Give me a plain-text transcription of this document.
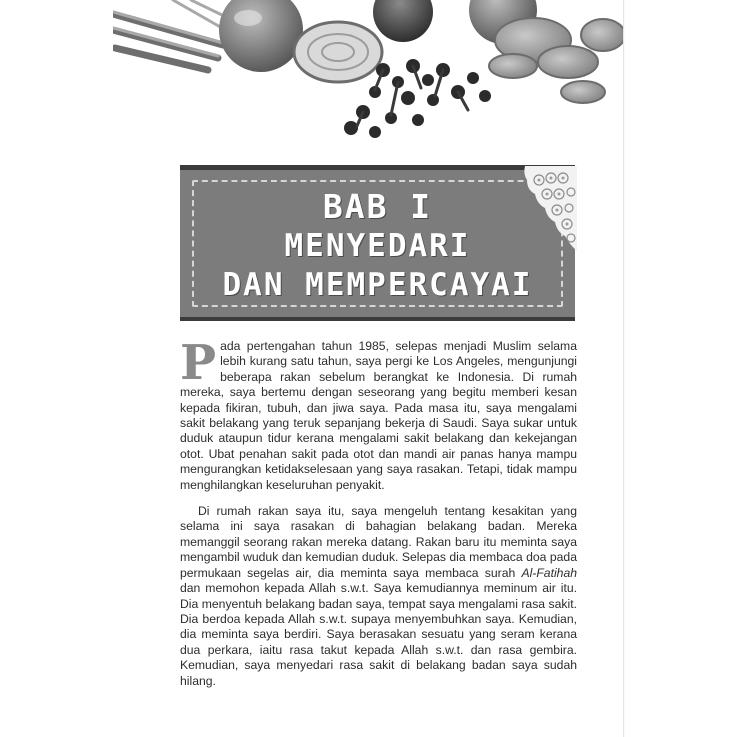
BAB I
MENYEDARI
DAN MEMPERCAYAI

Pada pertengahan tahun 1985, selepas menjadi Muslim selama lebih kurang satu tahun, saya pergi ke Los Angeles, mengunjungi beberapa rakan sebelum berangkat ke Indonesia. Di rumah mereka, saya bertemu dengan seseorang yang begitu memberi kesan kepada fikiran, tubuh, dan jiwa saya. Pada masa itu, saya mengalami sakit belakang yang teruk sepanjang bekerja di Saudi. Saya sukar untuk duduk ataupun tidur kerana mengalami sakit belakang dan kekejangan otot. Ubat penahan sakit pada otot dan mandi air panas hanya mampu mengurangkan ketidakselesaan yang saya rasakan. Tetapi, tidak mampu menghilangkan keseluruhan penyakit.

Di rumah rakan saya itu, saya mengeluh tentang kesakitan yang selama ini saya rasakan di bahagian belakang badan. Mereka memanggil seorang rakan mereka datang. Rakan baru itu meminta saya mengambil wuduk dan kemudian duduk. Selepas dia membaca doa pada permukaan segelas air, dia meminta saya membaca surah Al-Fatihah dan memohon kepada Allah s.w.t. Saya kemudiannya meminum air itu. Dia menyentuh belakang badan saya, tempat saya mengalami rasa sakit. Dia berdoa kepada Allah s.w.t. supaya menyembuhkan saya. Kemudian, dia meminta saya berdiri. Saya berasakan sesuatu yang seram kerana dua perkara, iaitu rasa takut kepada Allah s.w.t. dan rasa gembira. Kemudian, saya menyedari rasa sakit di belakang badan saya sudah hilang.
